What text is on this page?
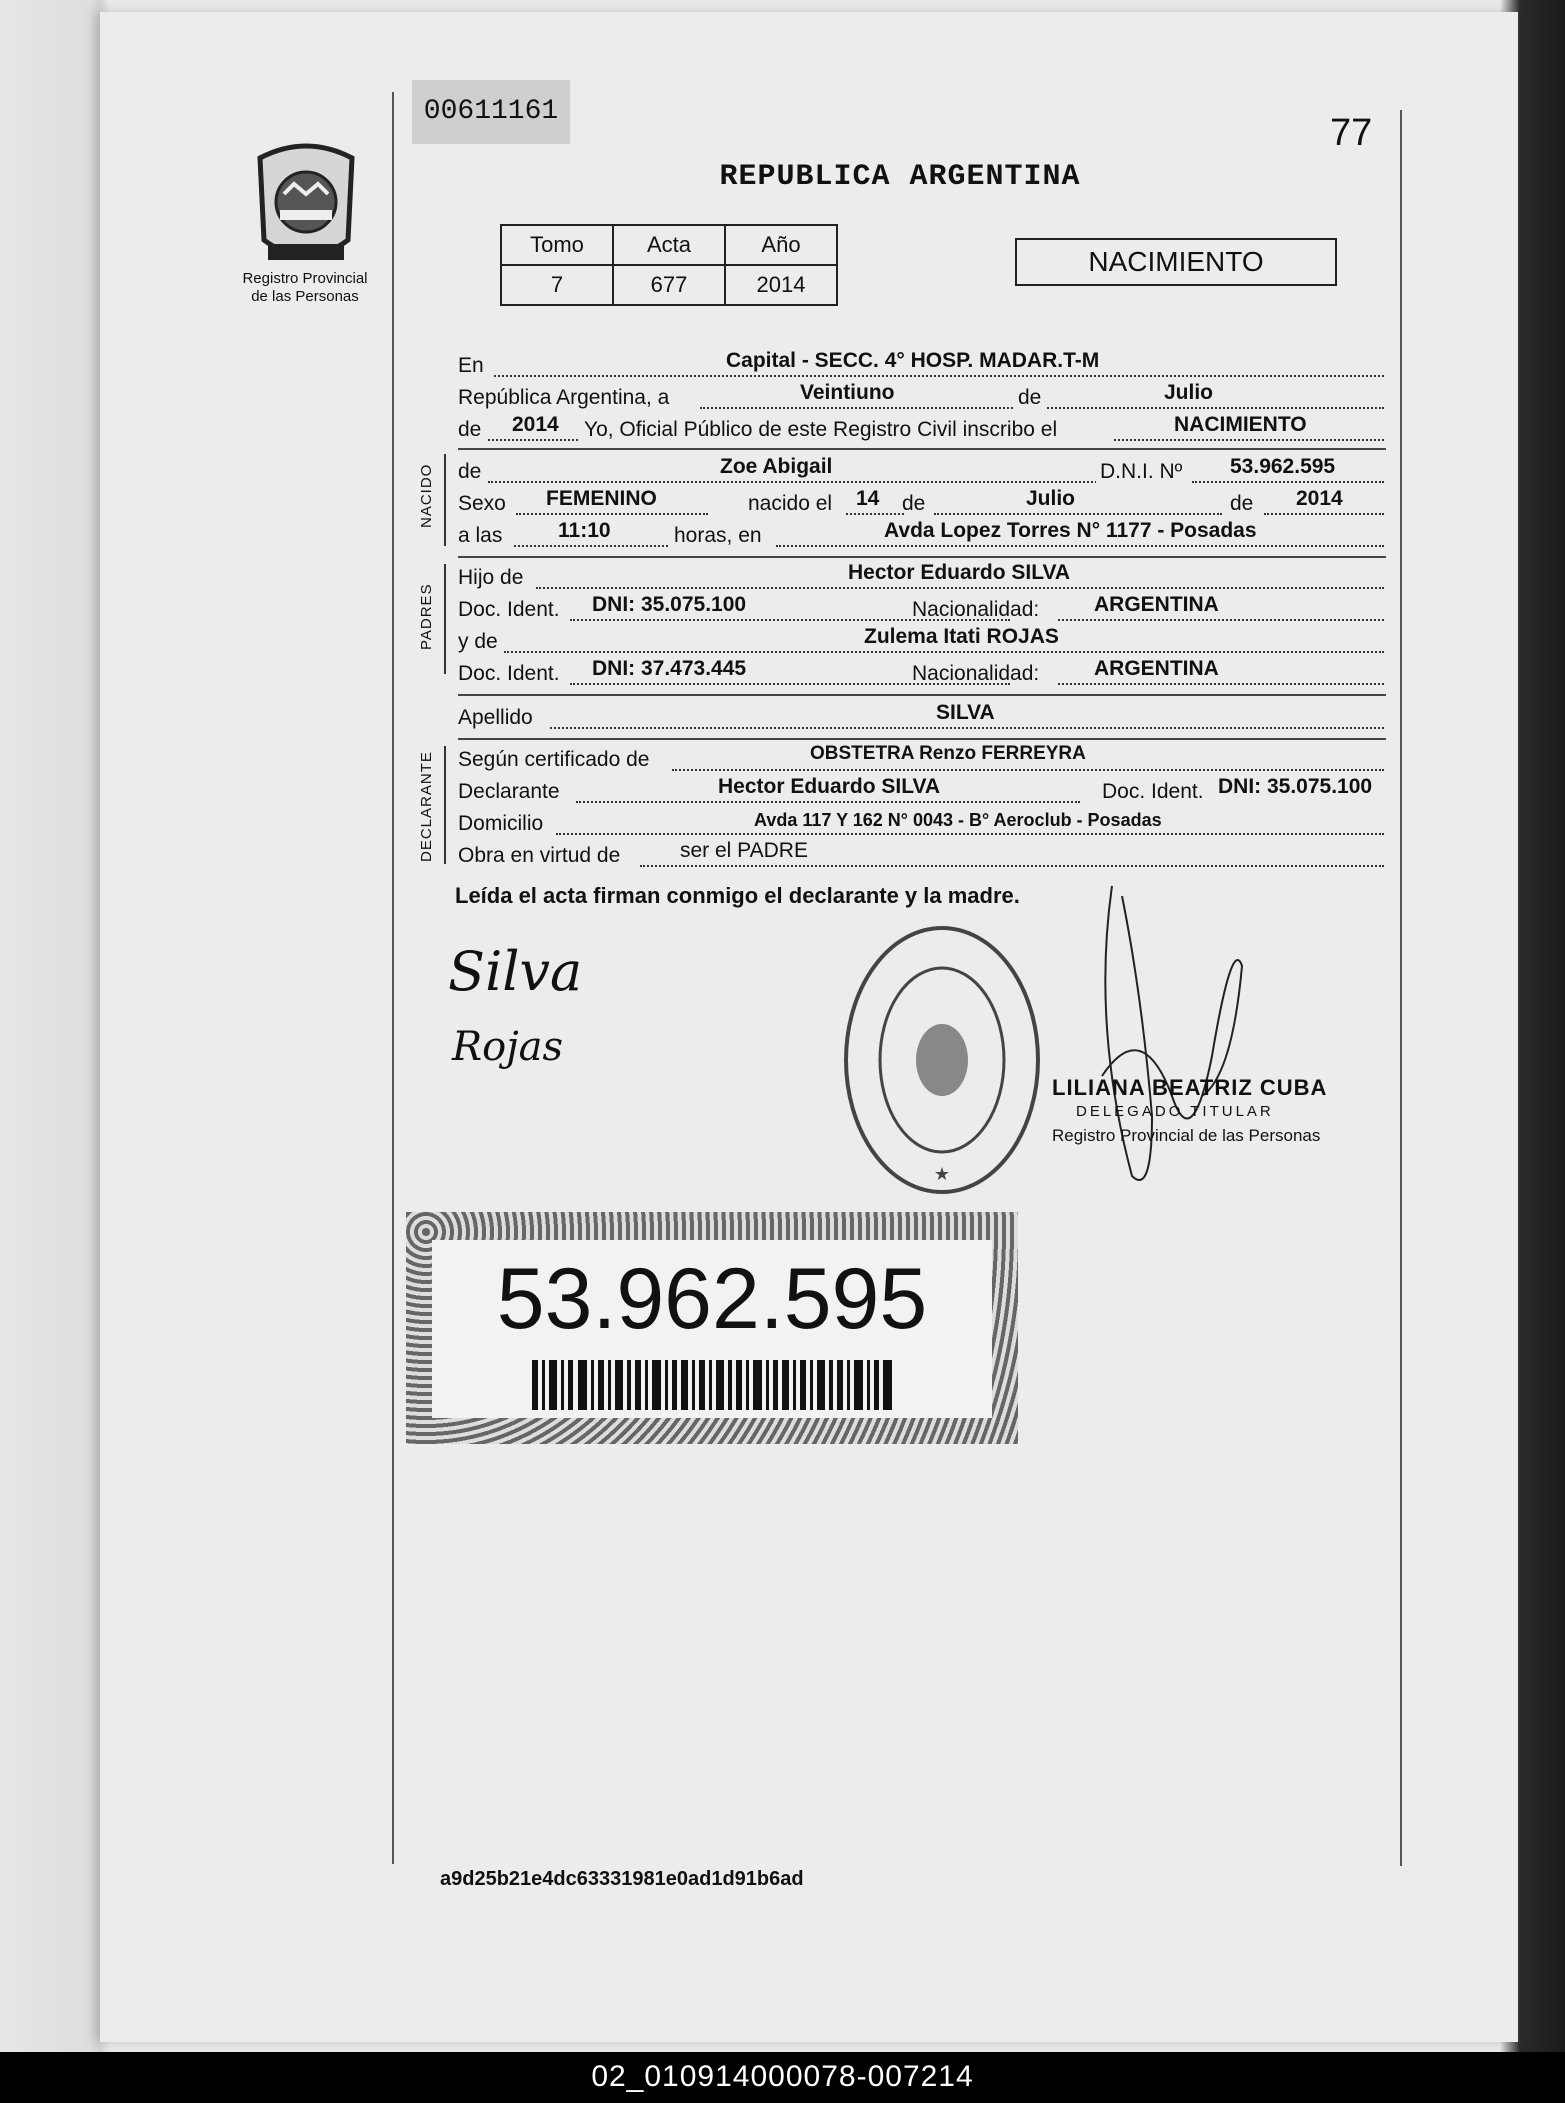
00611161
77
REPUBLICA ARGENTINA
Registro Provincial
de las Personas
Tomo	Acta	Año
7	677	2014
NACIMIENTO
En	Capital - SECC. 4° HOSP. MADAR.T-M
República Argentina, a	Veintiuno	de	Julio
de 2014 Yo, Oficial Público de este Registro Civil inscribo el	NACIMIENTO
NACIDO de	Zoe Abigail	D.N.I. Nº 53.962.595
Sexo FEMENINO	nacido el 14 de	Julio	de 2014
a las	11:10	horas, en	Avda Lopez Torres N° 1177 - Posadas
PADRES
Hijo de	Hector Eduardo SILVA
Doc. Ident. DNI: 35.075.100	Nacionalidad:	ARGENTINA
y de	Zulema Itati ROJAS
Doc. Ident. DNI: 37.473.445	Nacionalidad:	ARGENTINA
Apellido	SILVA
DECLARANTE Según certificado de	OBSTETRA Renzo FERREYRA
Declarante	Hector Eduardo SILVA	Doc. Ident. DNI: 35.075.100
Domicilio	Avda 117 Y 162 N° 0043 - B° Aeroclub - Posadas
Obra en virtud de	ser el PADRE
Leída el acta firman conmigo el declarante y la madre.
Silva
Rojas
★
LILIANA BEATRIZ CUBA
DELEGADO TITULAR
Registro Provincial de las Personas
53.962.595
a9d25b21e4dc63331981e0ad1d91b6ad
02_010914000078-007214
